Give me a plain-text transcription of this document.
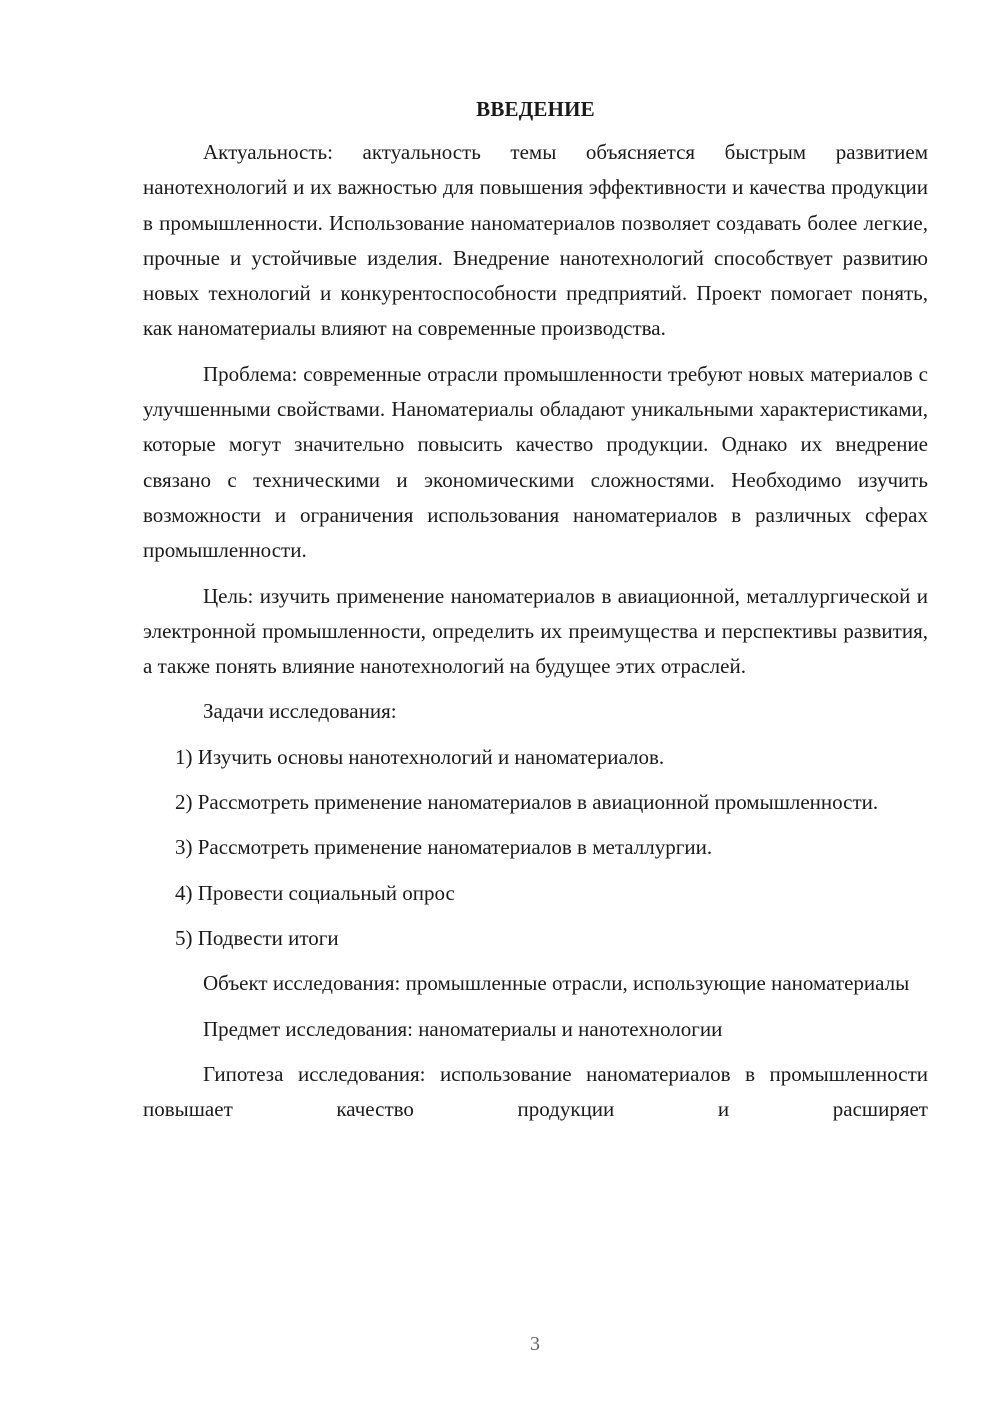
ВВЕДЕНИЕ

Актуальность: актуальность темы объясняется быстрым развитием нанотехнологий и их важностью для повышения эффективности и качества продукции в промышленности. Использование наноматериалов позволяет создавать более легкие, прочные и устойчивые изделия. Внедрение нанотехнологий способствует развитию новых технологий и конкурентоспособности предприятий. Проект помогает понять, как наноматериалы влияют на современные производства.

Проблема: современные отрасли промышленности требуют новых материалов с улучшенными свойствами. Наноматериалы обладают уникальными характеристиками, которые могут значительно повысить качество продукции. Однако их внедрение связано с техническими и экономическими сложностями. Необходимо изучить возможности и ограничения использования наноматериалов в различных сферах промышленности.

Цель: изучить применение наноматериалов в авиационной, металлургической и электронной промышленности, определить их преимущества и перспективы развития, а также понять влияние нанотехнологий на будущее этих отраслей.

Задачи исследования:

1) Изучить основы нанотехнологий и наноматериалов.

2) Рассмотреть применение наноматериалов в авиационной промышленности.

3) Рассмотреть применение наноматериалов в металлургии.

4) Провести социальный опрос

5) Подвести итоги

Объект исследования: промышленные отрасли, использующие наноматериалы

Предмет исследования: наноматериалы и нанотехнологии

Гипотеза исследования: использование наноматериалов в промышленности повышает качество продукции и расширяет

3
